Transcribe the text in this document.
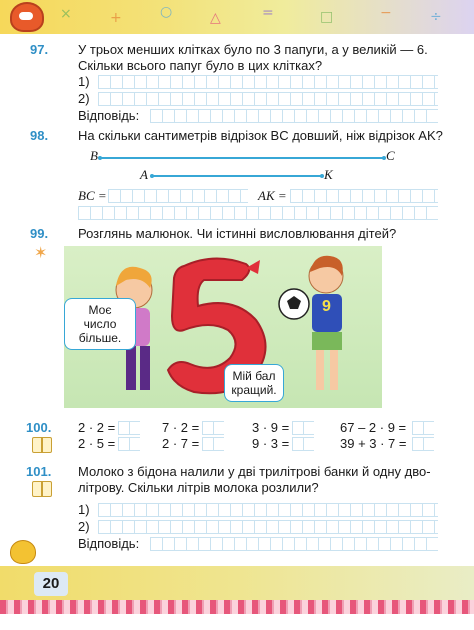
×	+	○	△	=	□	−	÷
97. У трьох менших клітках було по 3 папуги, а у великій — 6.
Скільки всього папуг було в цих клітках?
1)
2)
Відповідь:
98. На скільки сантиметрів відрізок BC довший, ніж відрізок AK?
B	C
A	K
BC =	AK =
99.
✶
Розглянь малюнок. Чи істинні висловлювання дітей?
9
Моє число більше.
Мій бал кращий.
100. 2 · 2 =	7 · 2 =	3 · 9 =	67 – 2 · 9 =
2 · 5 =	2 · 7 =	9 · 3 =	39 + 3 · 7 =
101. Молоко з бідона налили у дві трилітрові банки й одну дво-
літрову. Скільки літрів молока розлили?
1)
2)
Відповідь:
20
